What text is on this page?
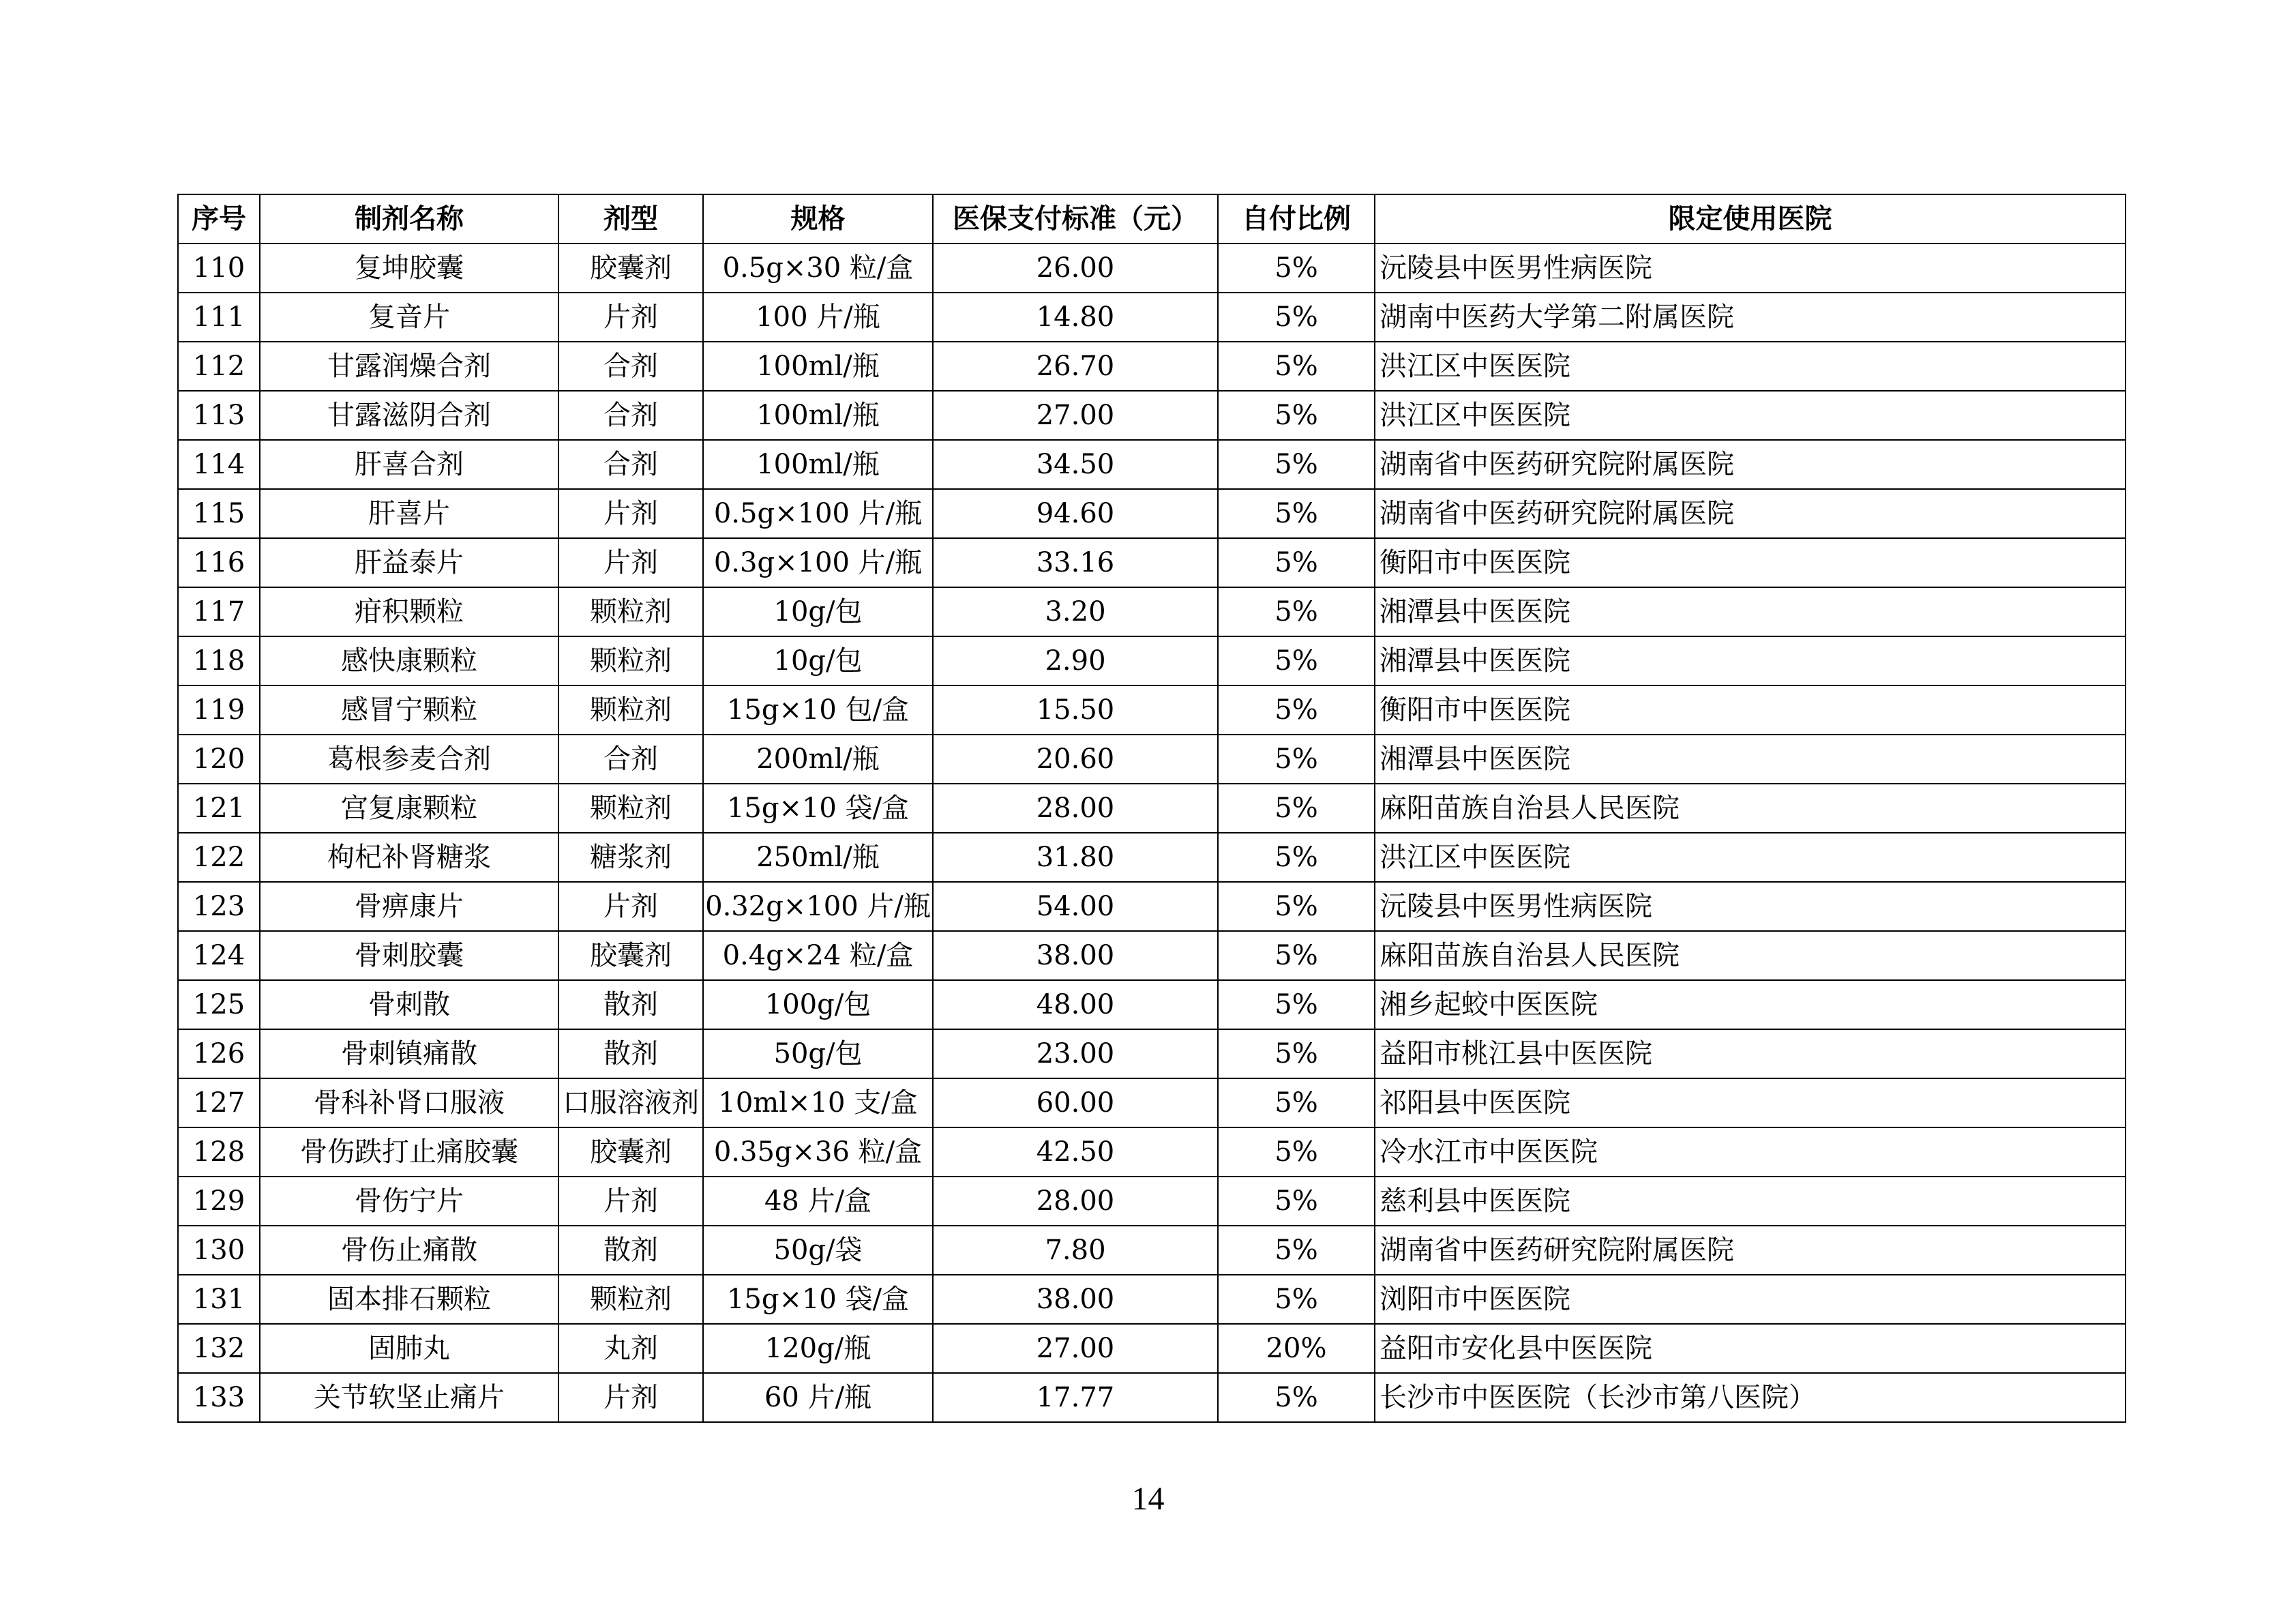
序号	制剂名称	剂型	规格	医保支付标准（元）	自付比例	限定使用医院
110	复坤胶囊	胶囊剂	0.5g×30 粒/盒	26.00	5%	沅陵县中医男性病医院
111	复音片	片剂	100 片/瓶	14.80	5%	湖南中医药大学第二附属医院
112	甘露润燥合剂	合剂	100ml/瓶	26.70	5%	洪江区中医医院
113	甘露滋阴合剂	合剂	100ml/瓶	27.00	5%	洪江区中医医院
114	肝喜合剂	合剂	100ml/瓶	34.50	5%	湖南省中医药研究院附属医院
115	肝喜片	片剂	0.5g×100 片/瓶	94.60	5%	湖南省中医药研究院附属医院
116	肝益泰片	片剂	0.3g×100 片/瓶	33.16	5%	衡阳市中医医院
117	疳积颗粒	颗粒剂	10g/包	3.20	5%	湘潭县中医医院
118	感快康颗粒	颗粒剂	10g/包	2.90	5%	湘潭县中医医院
119	感冒宁颗粒	颗粒剂	15g×10 包/盒	15.50	5%	衡阳市中医医院
120	葛根参麦合剂	合剂	200ml/瓶	20.60	5%	湘潭县中医医院
121	宫复康颗粒	颗粒剂	15g×10 袋/盒	28.00	5%	麻阳苗族自治县人民医院
122	枸杞补肾糖浆	糖浆剂	250ml/瓶	31.80	5%	洪江区中医医院
123	骨痹康片	片剂	0.32g×100 片/瓶	54.00	5%	沅陵县中医男性病医院
124	骨刺胶囊	胶囊剂	0.4g×24 粒/盒	38.00	5%	麻阳苗族自治县人民医院
125	骨刺散	散剂	100g/包	48.00	5%	湘乡起蛟中医医院
126	骨刺镇痛散	散剂	50g/包	23.00	5%	益阳市桃江县中医医院
127	骨科补肾口服液	口服溶液剂	10ml×10 支/盒	60.00	5%	祁阳县中医医院
128	骨伤跌打止痛胶囊	胶囊剂	0.35g×36 粒/盒	42.50	5%	冷水江市中医医院
129	骨伤宁片	片剂	48 片/盒	28.00	5%	慈利县中医医院
130	骨伤止痛散	散剂	50g/袋	7.80	5%	湖南省中医药研究院附属医院
131	固本排石颗粒	颗粒剂	15g×10 袋/盒	38.00	5%	浏阳市中医医院
132	固肺丸	丸剂	120g/瓶	27.00	20%	益阳市安化县中医医院
133	关节软坚止痛片	片剂	60 片/瓶	17.77	5%	长沙市中医医院（长沙市第八医院）
14
